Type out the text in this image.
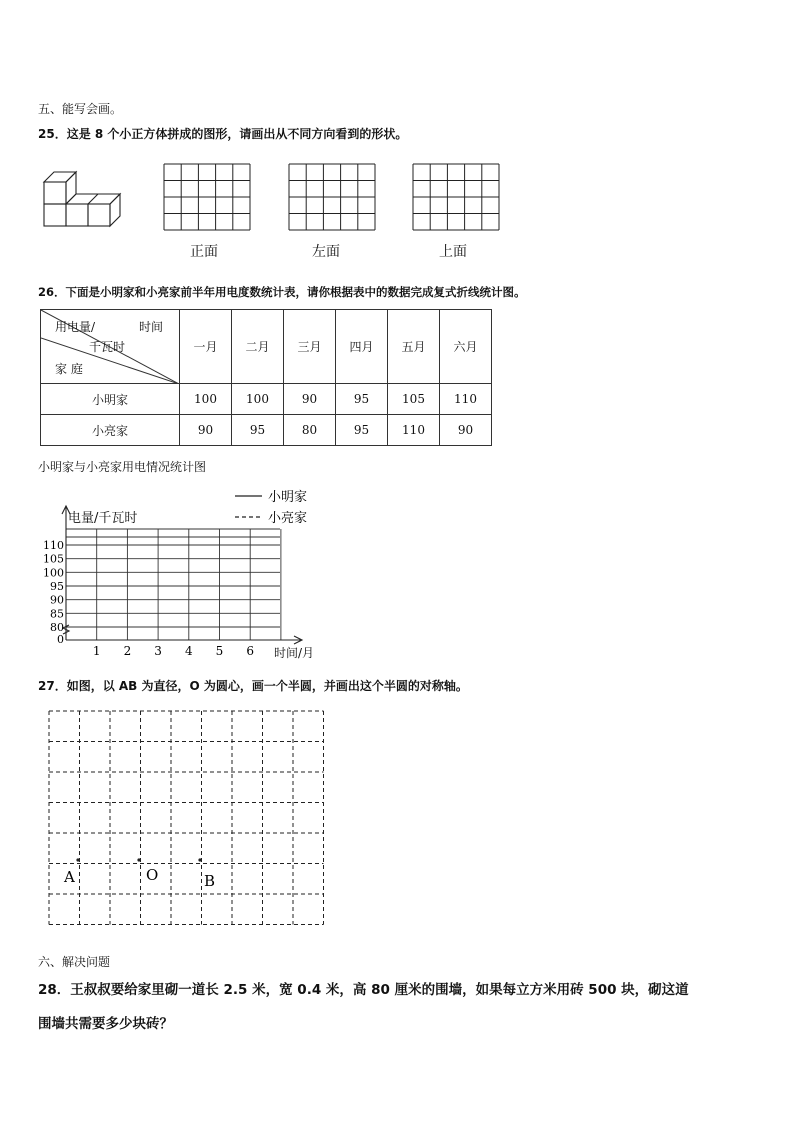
五、能写会画。
25．这是 8 个小正方体拼成的图形，请画出从不同方向看到的形状。
正面	左面	上面
26．下面是小明家和小亮家前半年用电度数统计表，请你根据表中的数据完成复式折线统计图。
用电量/ 时间
千瓦时
家 庭	一月	二月	三月	四月	五月	六月
小明家	100	100	90	95	105	110
小亮家	90	95	80	95	110	90
小明家与小亮家用电情况统计图
电量/千瓦时
时间/月
0
80
85
90
95
100
105
110
1 2 3 4 5 6
小明家
小亮家
27．如图，以 AB 为直径，O 为圆心，画一个半圆，并画出这个半圆的对称轴。
A	O	B
六、解决问题
28．王叔叔要给家里砌一道长 2.5 米，宽 0.4 米，高 80 厘米的围墙，如果每立方米用砖 500 块，砌这道
围墙共需要多少块砖？
